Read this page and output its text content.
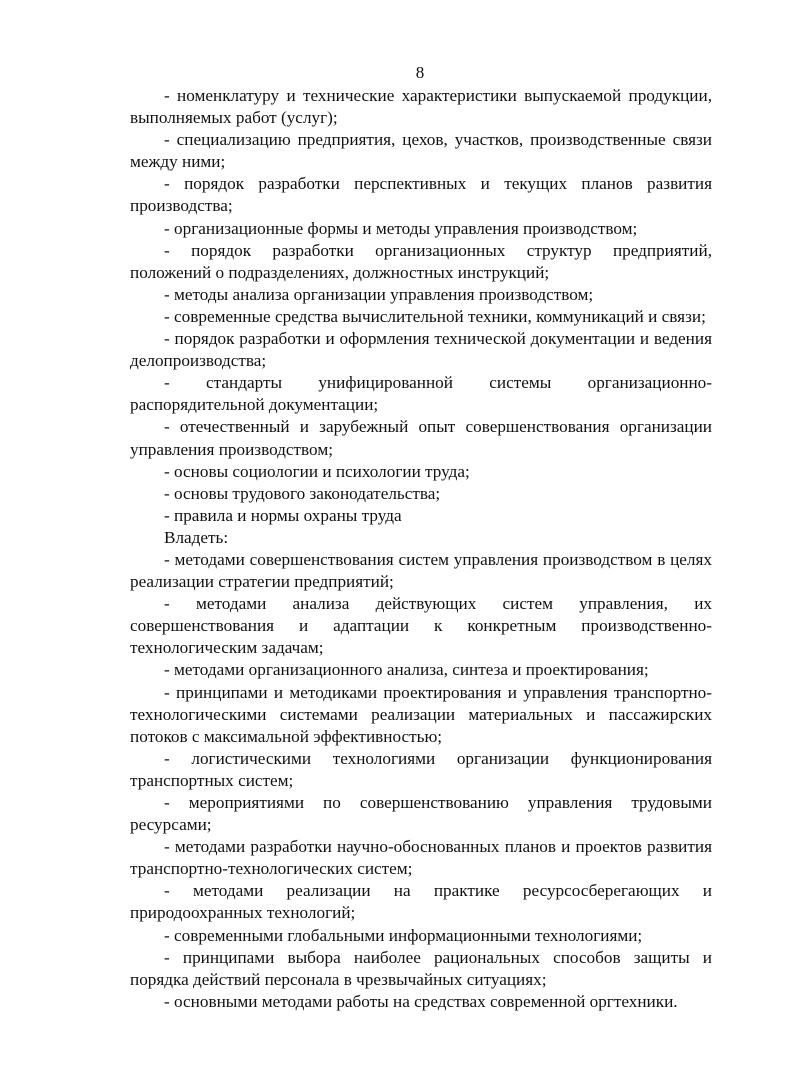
8

- номенклатуру и технические характеристики выпускаемой продукции, выполняемых работ (услуг);

- специализацию предприятия, цехов, участков, производственные связи между ними;

- порядок разработки перспективных и текущих планов развития производства;

- организационные формы и методы управления производством;

- порядок разработки организационных структур предприятий, положений о подразделениях, должностных инструкций;

- методы анализа организации управления производством;

- современные средства вычислительной техники, коммуникаций и связи;

- порядок разработки и оформления технической документации и ведения делопроизводства;

- стандарты унифицированной системы организационно-распорядительной документации;

- отечественный и зарубежный опыт совершенствования организации управления производством;

- основы социологии и психологии труда;

- основы трудового законодательства;

- правила и нормы охраны труда

Владеть:

- методами совершенствования систем управления производством в целях реализации стратегии предприятий;

- методами анализа действующих систем управления, их совершенствования и адаптации к конкретным производственно-технологическим задачам;

- методами организационного анализа, синтеза и проектирования;

- принципами и методиками проектирования и управления транспортно-технологическими системами реализации материальных и пассажирских потоков с максимальной эффективностью;

- логистическими технологиями организации функционирования транспортных систем;

- мероприятиями по совершенствованию управления трудовыми ресурсами;

- методами разработки научно-обоснованных планов и проектов развития транспортно-технологических систем;

- методами реализации на практике ресурсосберегающих и природоохранных технологий;

- современными глобальными информационными технологиями;

- принципами выбора наиболее рациональных способов защиты и порядка действий персонала в чрезвычайных ситуациях;

- основными методами работы на средствах современной оргтехники.
